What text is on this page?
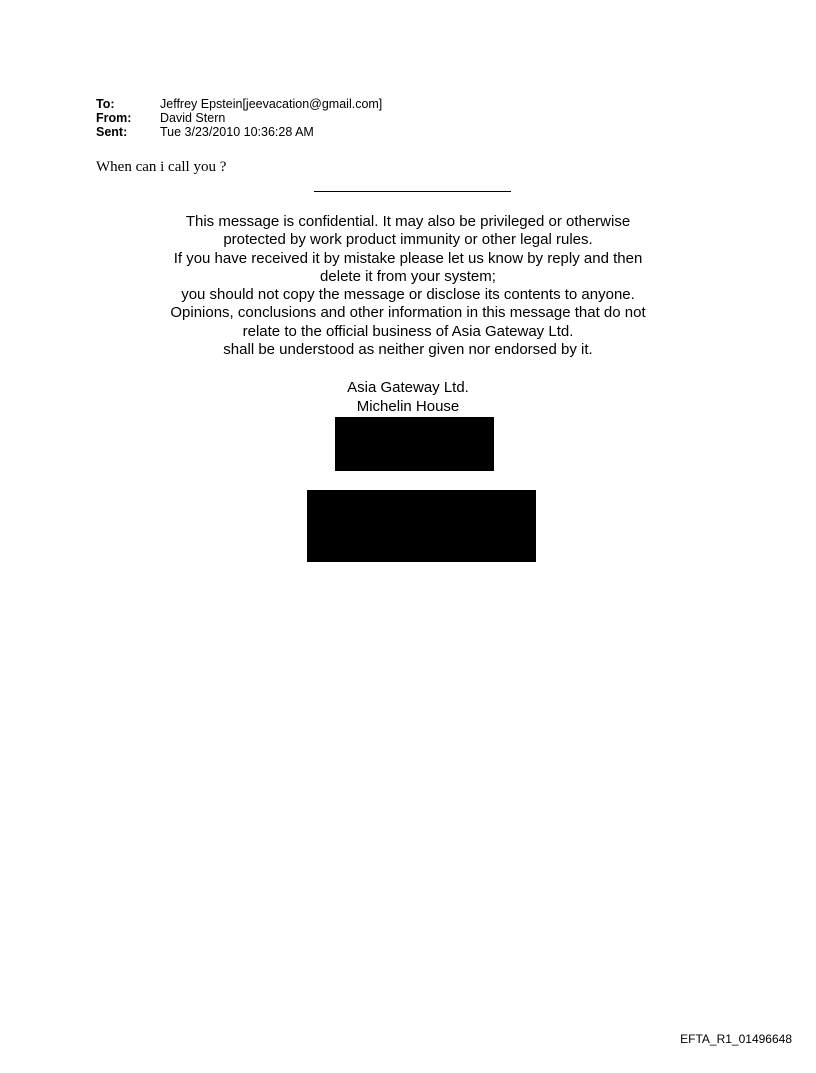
To:	Jeffrey Epstein[jeevacation@gmail.com]
From:	David Stern
Sent:	Tue 3/23/2010 10:36:28 AM
When can i call you ?
This message is confidential. It may also be privileged or otherwise
protected by work product immunity or other legal rules.
If you have received it by mistake please let us know by reply and then
delete it from your system;
you should not copy the message or disclose its contents to anyone.
Opinions, conclusions and other information in this message that do not
relate to the official business of Asia Gateway Ltd.
shall be understood as neither given nor endorsed by it.
Asia Gateway Ltd.
Michelin House
EFTA_R1_01496648
